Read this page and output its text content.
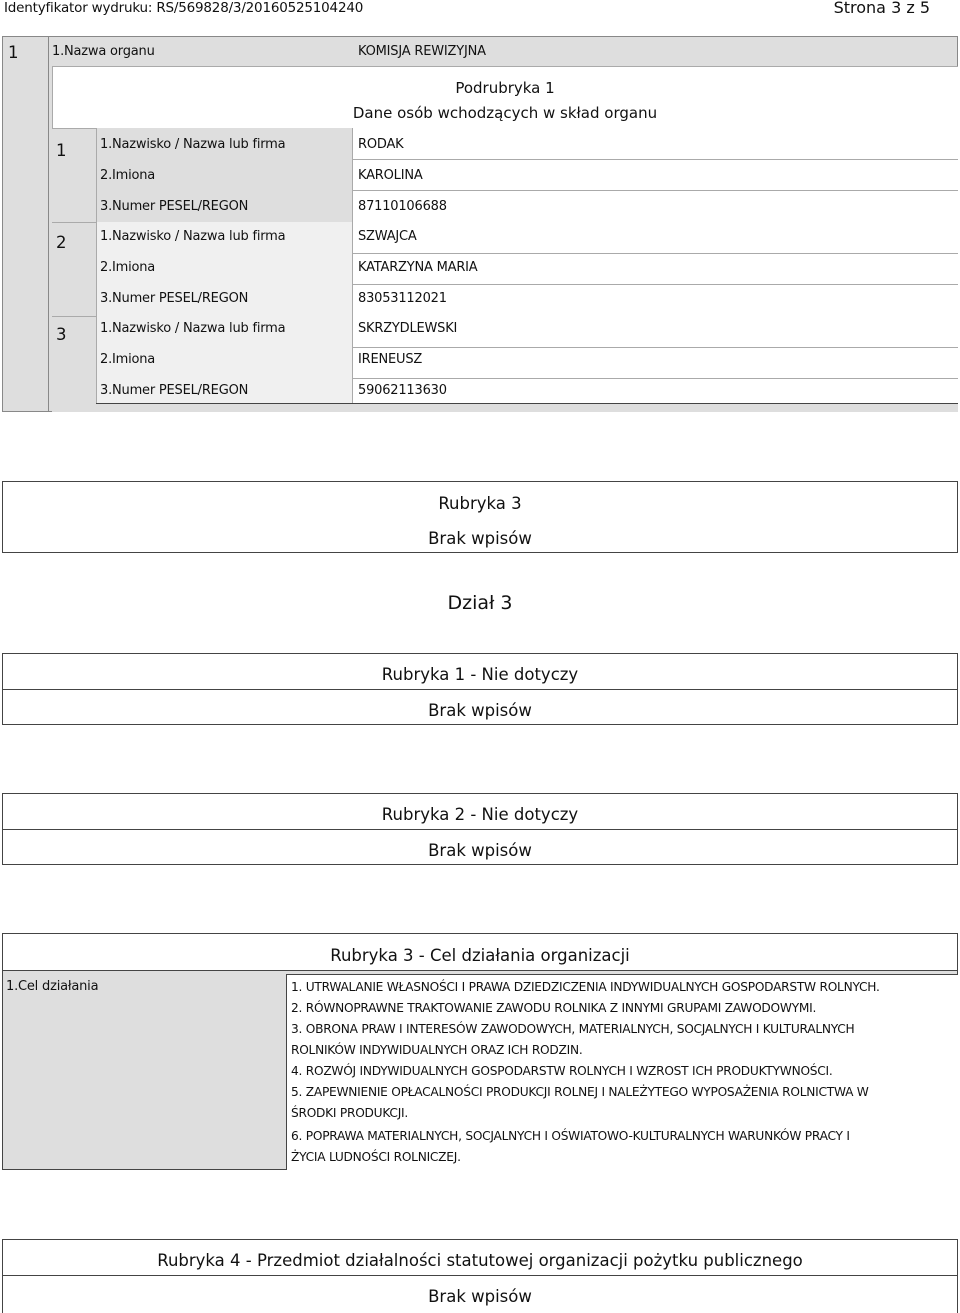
Identyfikator wydruku: RS/569828/3/20160525104240	Strona 3 z 5
1	1.Nazwa organu	KOMISJA REWIZYJNA
Podrubryka 1
Dane osób wchodzących w skład organu
1	1.Nazwisko / Nazwa lub firma	RODAK
2.Imiona	KAROLINA
3.Numer PESEL/REGON	87110106688
2	1.Nazwisko / Nazwa lub firma	SZWAJCA
2.Imiona	KATARZYNA MARIA
3.Numer PESEL/REGON	83053112021
3	1.Nazwisko / Nazwa lub firma	SKRZYDLEWSKI
2.Imiona	IRENEUSZ
3.Numer PESEL/REGON	59062113630
Rubryka 3
Brak wpisów
Dział 3
Rubryka 1 - Nie dotyczy
Brak wpisów
Rubryka 2 - Nie dotyczy
Brak wpisów
Rubryka 3 - Cel działania organizacji
1.Cel działania	1. UTRWALANIE WŁASNOŚCI I PRAWA DZIEDZICZENIA INDYWIDUALNYCH GOSPODARSTW ROLNYCH.
2. RÓWNOPRAWNE TRAKTOWANIE ZAWODU ROLNIKA Z INNYMI GRUPAMI ZAWODOWYMI.
3. OBRONA PRAW I INTERESÓW ZAWODOWYCH, MATERIALNYCH, SOCJALNYCH I KULTURALNYCH
ROLNIKÓW INDYWIDUALNYCH ORAZ ICH RODZIN.
4. ROZWÓJ INDYWIDUALNYCH GOSPODARSTW ROLNYCH I WZROST ICH PRODUKTYWNOŚCI.
5. ZAPEWNIENIE OPŁACALNOŚCI PRODUKCJI ROLNEJ I NALEŻYTEGO WYPOSAŻENIA ROLNICTWA W
ŚRODKI PRODUKCJI.
6. POPRAWA MATERIALNYCH, SOCJALNYCH I OŚWIATOWO-KULTURALNYCH WARUNKÓW PRACY I
ŻYCIA LUDNOŚCI ROLNICZEJ.
Rubryka 4 - Przedmiot działalności statutowej organizacji pożytku publicznego
Brak wpisów
